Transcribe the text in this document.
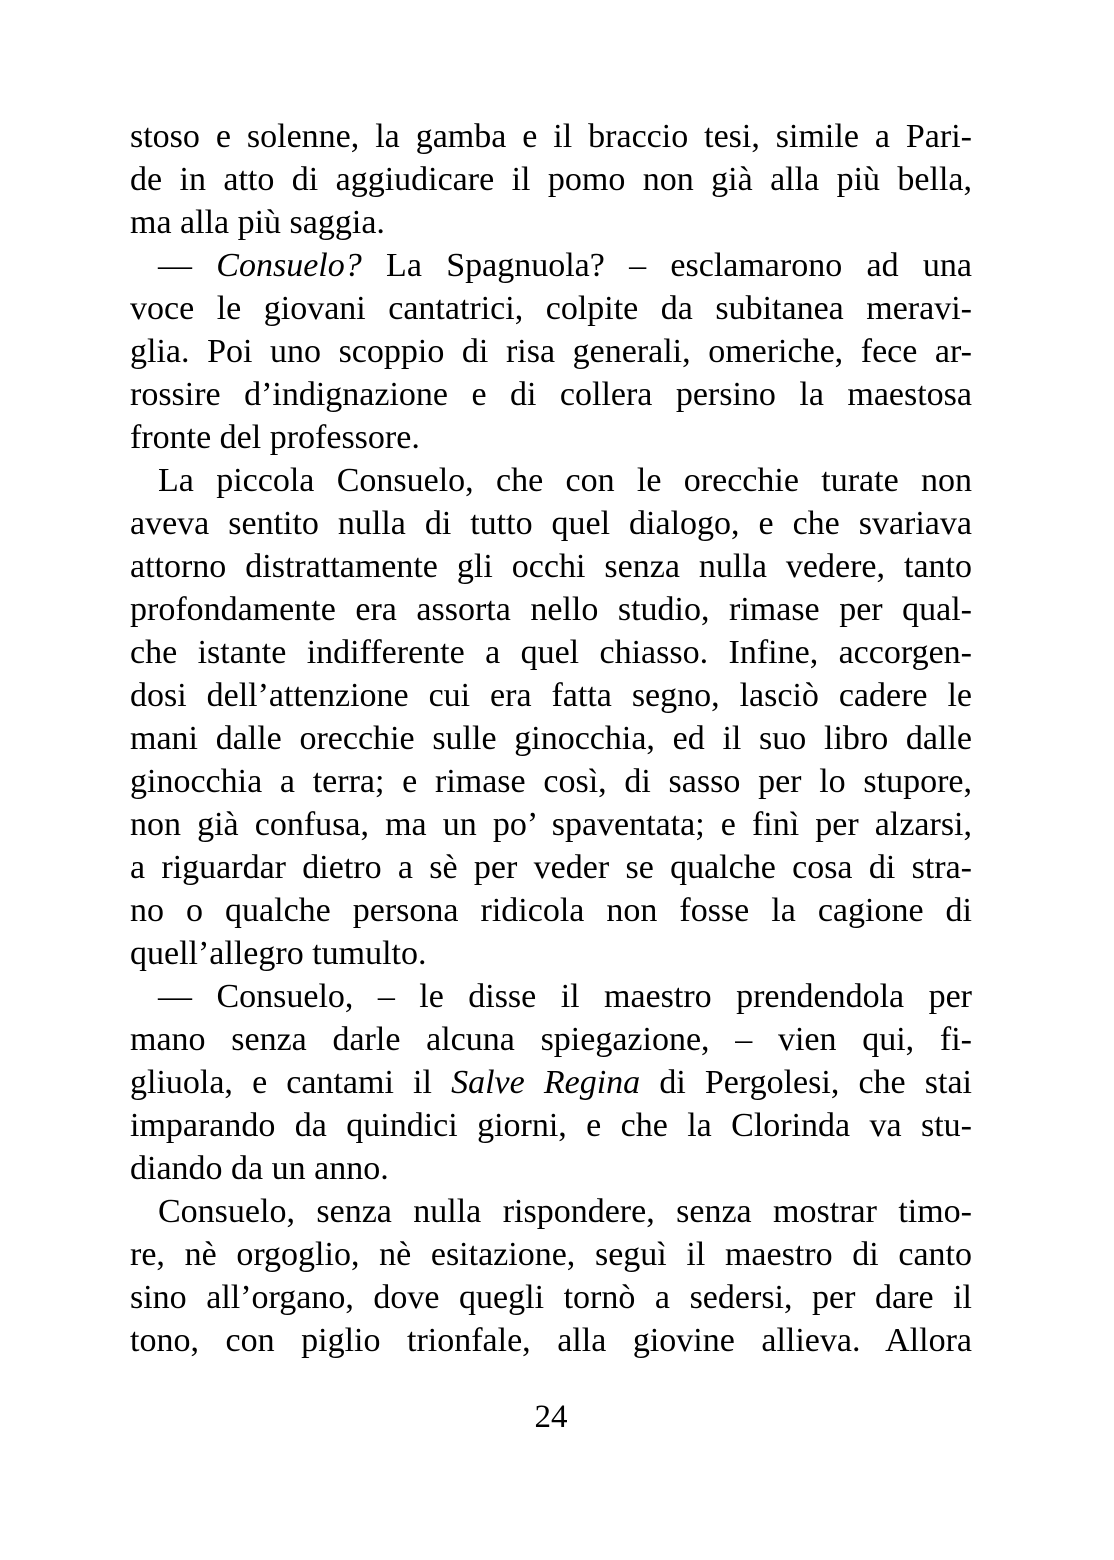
stoso e solenne, la gamba e il braccio tesi, simile a Pari-
de in atto di aggiudicare il pomo non già alla più bella,
ma alla più saggia.
— Consuelo? La Spagnuola? – esclamarono ad una
voce le giovani cantatrici, colpite da subitanea meravi-
glia. Poi uno scoppio di risa generali, omeriche, fece ar-
rossire d’indignazione e di collera persino la maestosa
fronte del professore.
La piccola Consuelo, che con le orecchie turate non
aveva sentito nulla di tutto quel dialogo, e che svariava
attorno distrattamente gli occhi senza nulla vedere, tanto
profondamente era assorta nello studio, rimase per qual-
che istante indifferente a quel chiasso. Infine, accorgen-
dosi dell’attenzione cui era fatta segno, lasciò cadere le
mani dalle orecchie sulle ginocchia, ed il suo libro dalle
ginocchia a terra; e rimase così, di sasso per lo stupore,
non già confusa, ma un po’ spaventata; e finì per alzarsi,
a riguardar dietro a sè per veder se qualche cosa di stra-
no o qualche persona ridicola non fosse la cagione di
quell’allegro tumulto.
— Consuelo, – le disse il maestro prendendola per
mano senza darle alcuna spiegazione, – vien qui, fi-
gliuola, e cantami il Salve Regina di Pergolesi, che stai
imparando da quindici giorni, e che la Clorinda va stu-
diando da un anno.
Consuelo, senza nulla rispondere, senza mostrar timo-
re, nè orgoglio, nè esitazione, seguì il maestro di canto
sino all’organo, dove quegli tornò a sedersi, per dare il
tono, con piglio trionfale, alla giovine allieva. Allora
24
